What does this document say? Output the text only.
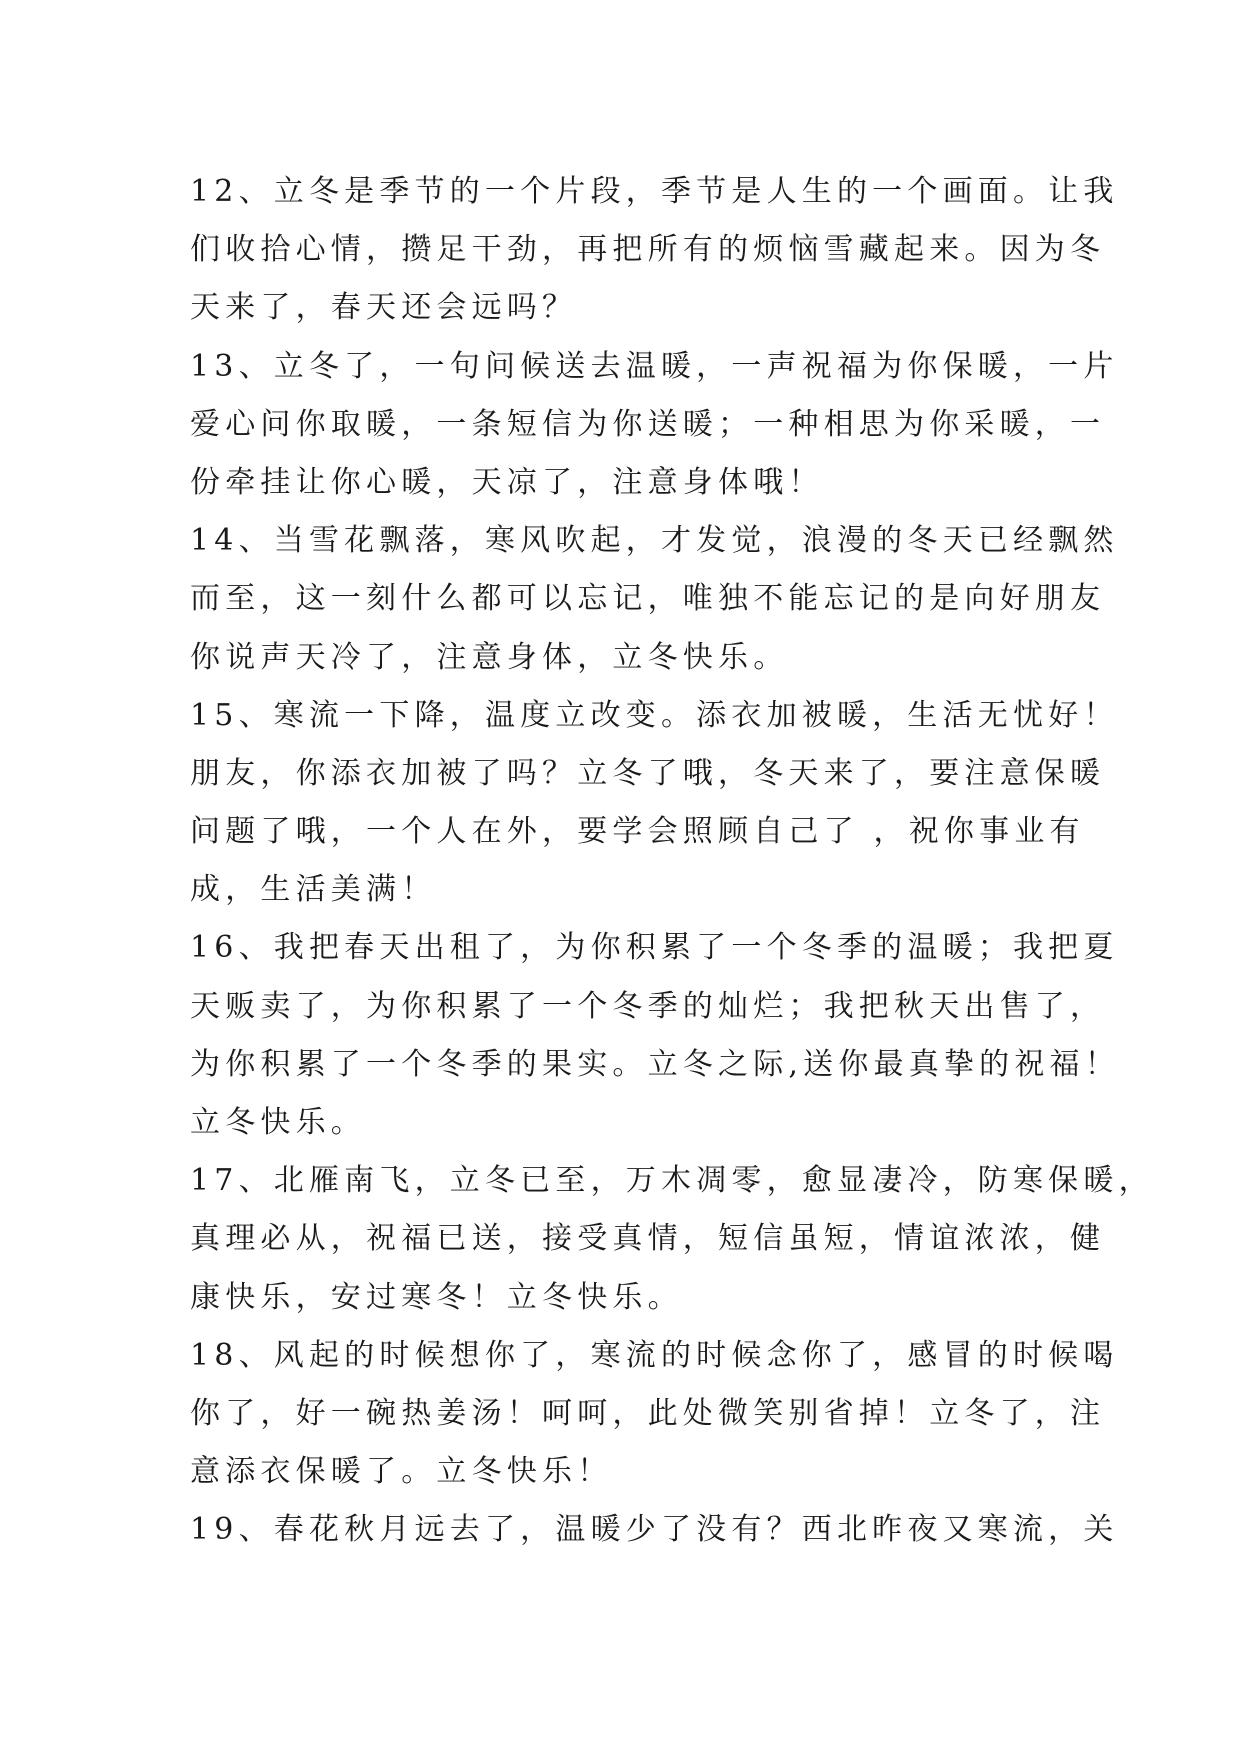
12、立冬是季节的一个片段，季节是人生的一个画面。让我
们收拾心情，攒足干劲，再把所有的烦恼雪藏起来。因为冬
天来了，春天还会远吗？
13、立冬了，一句问候送去温暖，一声祝福为你保暖，一片
爱心问你取暖，一条短信为你送暖；一种相思为你采暖，一
份牵挂让你心暖，天凉了，注意身体哦！
14、当雪花飘落，寒风吹起，才发觉，浪漫的冬天已经飘然
而至，这一刻什么都可以忘记，唯独不能忘记的是向好朋友
你说声天冷了，注意身体，立冬快乐。
15、寒流一下降，温度立改变。添衣加被暖，生活无忧好！
朋友，你添衣加被了吗？立冬了哦，冬天来了，要注意保暖
问题了哦，一个人在外，要学会照顾自己了 ，祝你事业有
成，生活美满！
16、我把春天出租了，为你积累了一个冬季的温暖；我把夏
天贩卖了，为你积累了一个冬季的灿烂；我把秋天出售了，
为你积累了一个冬季的果实。立冬之际,送你最真挚的祝福！
立冬快乐。
17、北雁南飞，立冬已至，万木凋零，愈显凄冷，防寒保暖，
真理必从，祝福已送，接受真情，短信虽短，情谊浓浓，健
康快乐，安过寒冬！立冬快乐。
18、风起的时候想你了，寒流的时候念你了，感冒的时候喝
你了，好一碗热姜汤！呵呵，此处微笑别省掉！立冬了，注
意添衣保暖了。立冬快乐！
19、春花秋月远去了，温暖少了没有？西北昨夜又寒流，关
